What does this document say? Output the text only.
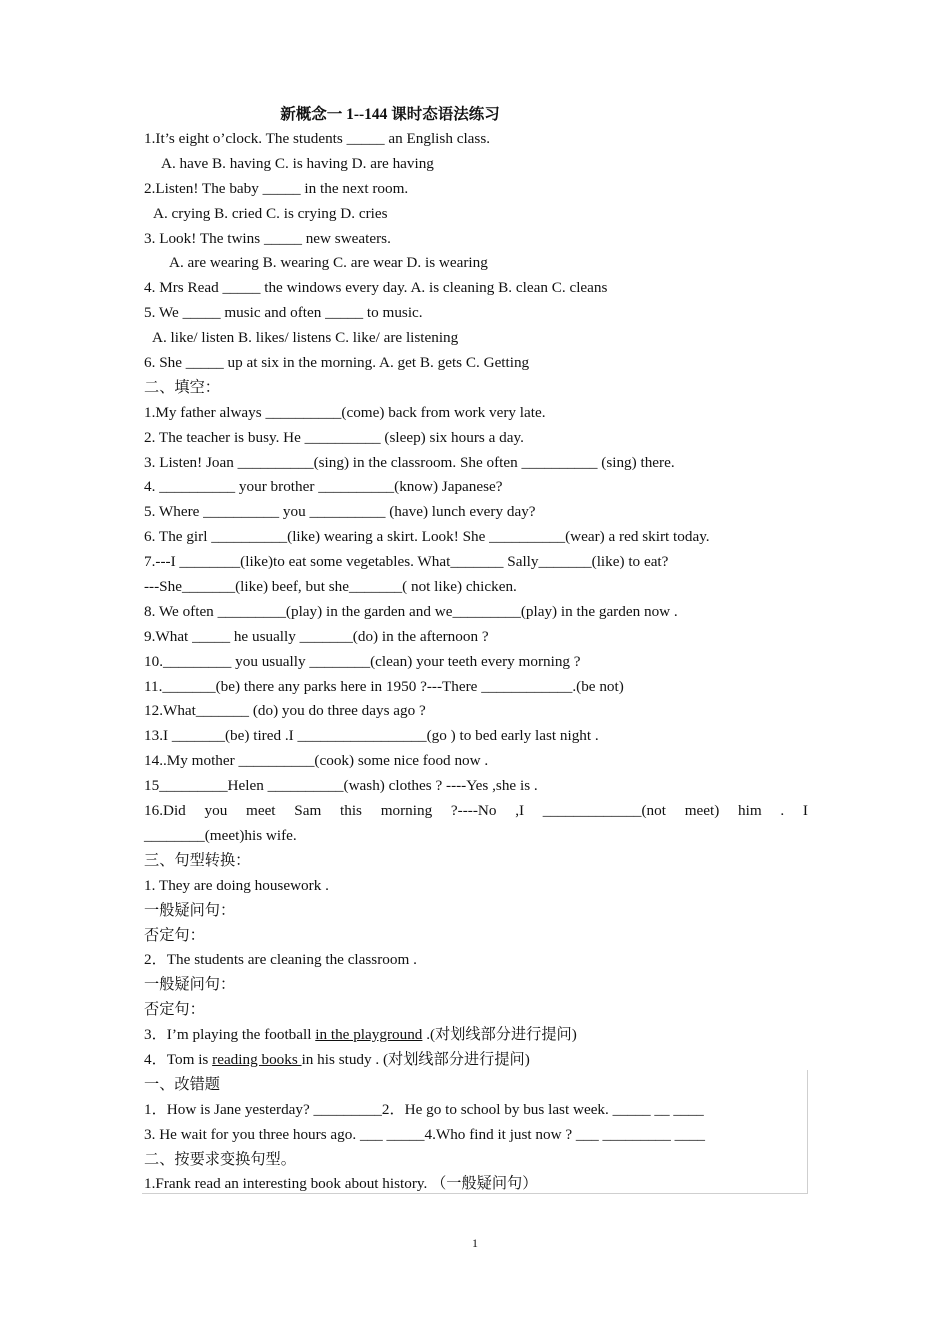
新概念一 1--144 课时态语法练习
1.It’s eight o’clock. The students _____ an English class.
A. have B. having C. is having D. are having
2.Listen! The baby _____ in the next room.
A. crying B. cried C. is crying D. cries
3. Look! The twins _____ new sweaters.
A. are wearing B. wearing C. are wear D. is wearing
4. Mrs Read _____ the windows every day. A. is cleaning B. clean C. cleans
5. We _____ music and often _____ to music.
A. like/ listen B. likes/ listens C. like/ are listening
6. She _____ up at six in the morning. A. get B. gets C. Getting
二、填空：
1.My father always __________(come) back from work very late.
2. The teacher is busy. He __________ (sleep) six hours a day.
3. Listen! Joan __________(sing) in the classroom. She often __________ (sing) there.
4. __________ your brother __________(know) Japanese?
5. Where __________ you __________ (have) lunch every day?
6. The girl __________(like) wearing a skirt. Look! She __________(wear) a red skirt today.
7.---I ________(like)to eat some vegetables. What_______ Sally_______(like) to eat?
---She_______(like) beef, but she_______( not like) chicken.
8. We often _________(play) in the garden and we_________(play) in the garden now .
9.What _____ he usually _______(do) in the afternoon ?
10._________ you usually ________(clean) your teeth every morning ?
11._______(be) there any parks here in 1950 ?---There ____________.(be not)
12.What_______ (do) you do three days ago ?
13.I _______(be) tired .I _________________(go ) to bed early last night .
14..My mother __________(cook) some nice food now .
15_________Helen __________(wash) clothes ? ----Yes ,she is .
16.Did you meet Sam this morning ?----No ,I _____________(not meet) him . I
________(meet)his wife.
三、句型转换：
1. They are doing housework .
一般疑问句：
否定句：
2．The students are cleaning the classroom .
一般疑问句：
否定句：
3．I’m playing the football in the playground .(对划线部分进行提问)
4．Tom is reading books in his study . (对划线部分进行提问)
一、改错题
1．How is Jane yesterday? _________2．He go to school by bus last week. _____ __ ____
3. He wait for you three hours ago. ___ _____4.Who find it just now ? ___ _________ ____
二、按要求变换句型。
1.Frank read an interesting book about history. （一般疑问句）
1
